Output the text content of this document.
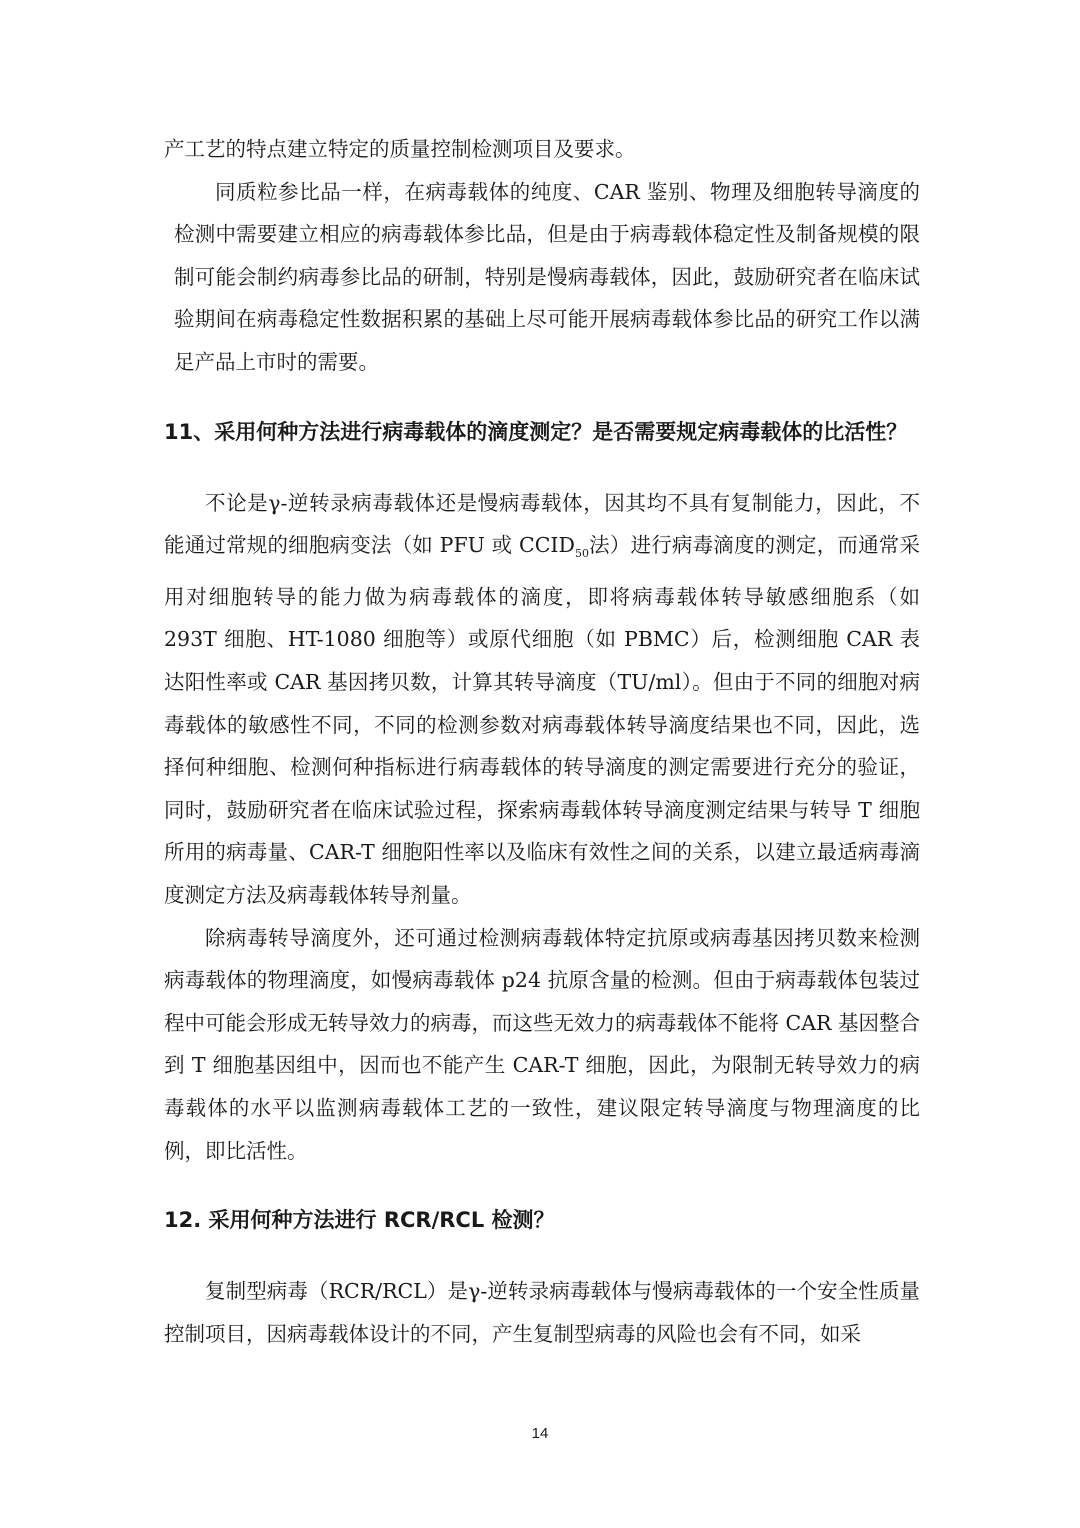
产工艺的特点建立特定的质量控制检测项目及要求。

同质粒参比品一样，在病毒载体的纯度、CAR 鉴别、物理及细胞转导滴度的检测中需要建立相应的病毒载体参比品，但是由于病毒载体稳定性及制备规模的限制可能会制约病毒参比品的研制，特别是慢病毒载体，因此，鼓励研究者在临床试验期间在病毒稳定性数据积累的基础上尽可能开展病毒载体参比品的研究工作以满足产品上市时的需要。

11、采用何种方法进行病毒载体的滴度测定？是否需要规定病毒载体的比活性？

不论是γ-逆转录病毒载体还是慢病毒载体，因其均不具有复制能力，因此，不能通过常规的细胞病变法（如 PFU 或 $CCID_{50}$法）进行病毒滴度的测定，而通常采用对细胞转导的能力做为病毒载体的滴度，即将病毒载体转导敏感细胞系（如 293T 细胞、HT-1080 细胞等）或原代细胞（如 PBMC）后，检测细胞 CAR 表达阳性率或 CAR 基因拷贝数，计算其转导滴度（TU/ml）。但由于不同的细胞对病毒载体的敏感性不同，不同的检测参数对病毒载体转导滴度结果也不同，因此，选择何种细胞、检测何种指标进行病毒载体的转导滴度的测定需要进行充分的验证，同时，鼓励研究者在临床试验过程，探索病毒载体转导滴度测定结果与转导 T 细胞所用的病毒量、CAR-T 细胞阳性率以及临床有效性之间的关系，以建立最适病毒滴度测定方法及病毒载体转导剂量。

除病毒转导滴度外，还可通过检测病毒载体特定抗原或病毒基因拷贝数来检测病毒载体的物理滴度，如慢病毒载体 p24 抗原含量的检测。但由于病毒载体包装过程中可能会形成无转导效力的病毒，而这些无效力的病毒载体不能将 CAR 基因整合到 T 细胞基因组中，因而也不能产生 CAR-T 细胞，因此，为限制无转导效力的病毒载体的水平以监测病毒载体工艺的一致性，建议限定转导滴度与物理滴度的比例，即比活性。

12. 采用何种方法进行 RCR/RCL 检测？

复制型病毒（RCR/RCL）是γ-逆转录病毒载体与慢病毒载体的一个安全性质量控制项目，因病毒载体设计的不同，产生复制型病毒的风险也会有不同，如采

14
